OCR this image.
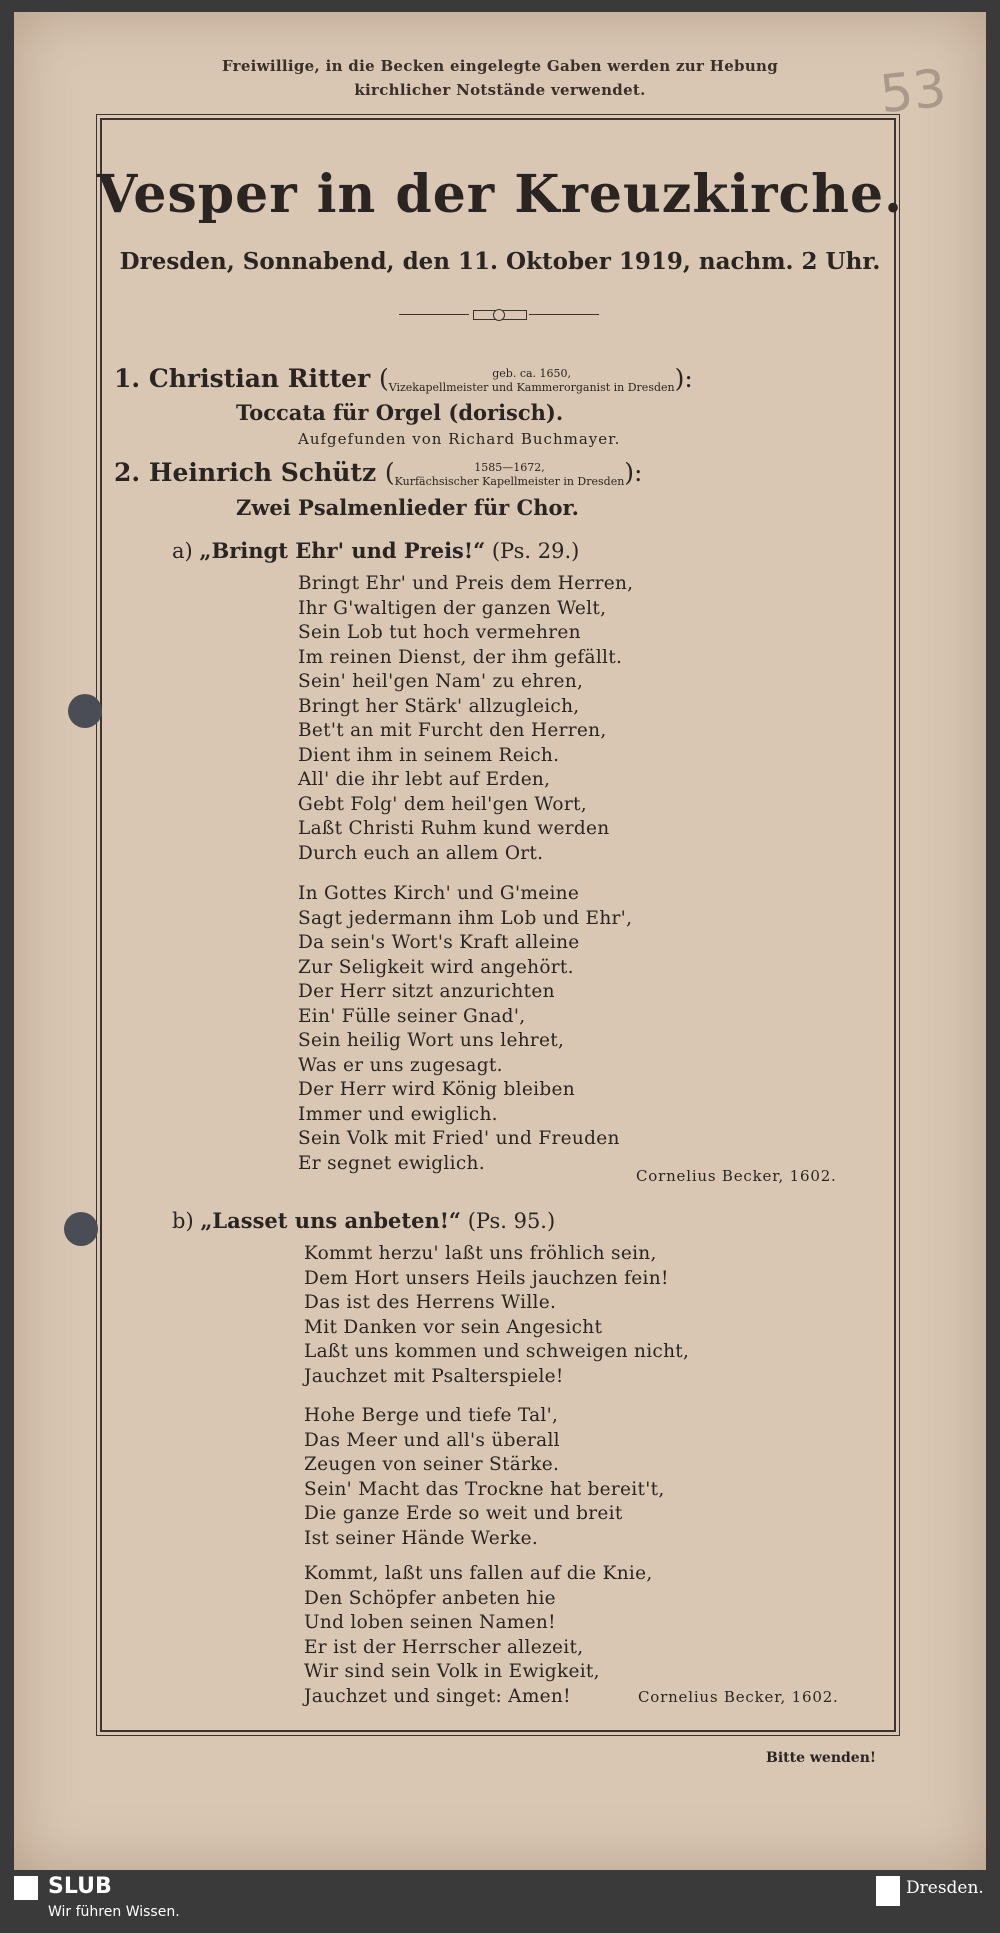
Freiwillige, in die Becken eingelegte Gaben werden zur Hebung
kirchlicher Notstände verwendet.	53
Vesper in der Kreuzkirche.
Dresden, Sonnabend, den 11. Oktober 1919, nachm. 2 Uhr.
1. Christian Ritter (	geb. ca. 1650,
Vizekapellmeister und Kammerorganist in Dresden):
Toccata für Orgel (dorisch).
Aufgefunden von Richard Buchmayer.
2. Heinrich Schütz (	1585—1672,
Kurfächsischer Kapellmeister in Dresden):
Zwei Psalmenlieder für Chor.
a) „Bringt Ehr' und Preis!“ (Ps. 29.)
Bringt Ehr' und Preis dem Herren,
Ihr G'waltigen der ganzen Welt,
Sein Lob tut hoch vermehren
Im reinen Dienst, der ihm gefällt.
Sein' heil'gen Nam' zu ehren,
Bringt her Stärk' allzugleich,
Bet't an mit Furcht den Herren,
Dient ihm in seinem Reich.
All' die ihr lebt auf Erden,
Gebt Folg' dem heil'gen Wort,
Laßt Christi Ruhm kund werden
Durch euch an allem Ort.
In Gottes Kirch' und G'meine
Sagt jedermann ihm Lob und Ehr',
Da sein's Wort's Kraft alleine
Zur Seligkeit wird angehört.
Der Herr sitzt anzurichten
Ein' Fülle seiner Gnad',
Sein heilig Wort uns lehret,
Was er uns zugesagt.
Der Herr wird König bleiben
Immer und ewiglich.
Sein Volk mit Fried' und Freuden
Er segnet ewiglich.
Cornelius Becker, 1602.
b) „Lasset uns anbeten!“ (Ps. 95.)
Kommt herzu' laßt uns fröhlich sein,
Dem Hort unsers Heils jauchzen fein!
Das ist des Herrens Wille.
Mit Danken vor sein Angesicht
Laßt uns kommen und schweigen nicht,
Jauchzet mit Psalterspiele!
Hohe Berge und tiefe Tal',
Das Meer und all's überall
Zeugen von seiner Stärke.
Sein' Macht das Trockne hat bereit't,
Die ganze Erde so weit und breit
Ist seiner Hände Werke.
Kommt, laßt uns fallen auf die Knie,
Den Schöpfer anbeten hie
Und loben seinen Namen!
Er ist der Herrscher allezeit,
Wir sind sein Volk in Ewigkeit,
Jauchzet und singet: Amen!	Cornelius Becker, 1602.
Bitte wenden!
SLUB
Wir führen Wissen.
Dresden.
